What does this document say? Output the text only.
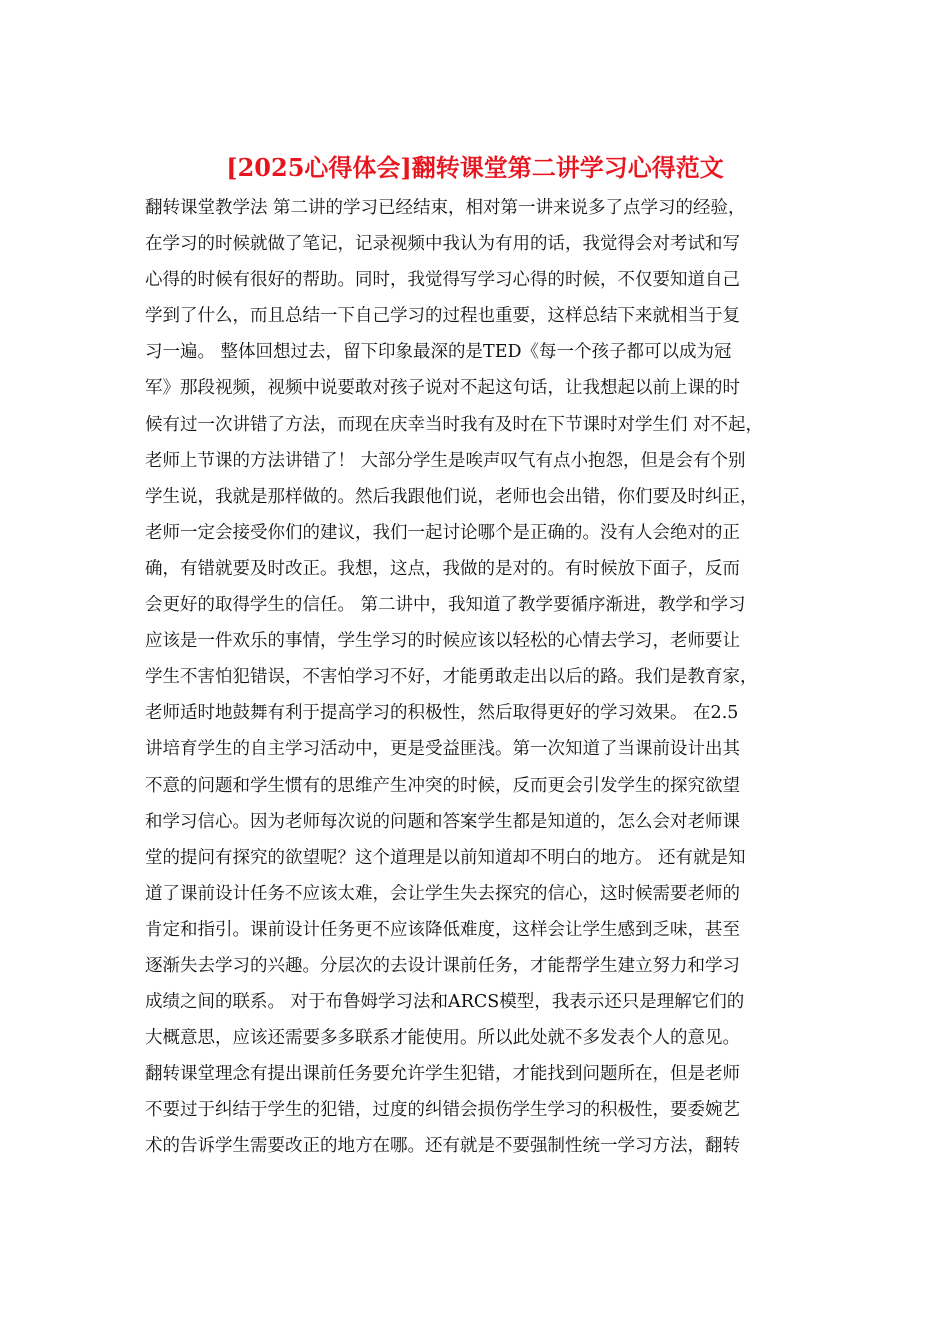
[2025心得体会]翻转课堂第二讲学习心得范文
翻转课堂教学法 第二讲的学习已经结束，相对第一讲来说多了点学习的经验，
在学习的时候就做了笔记，记录视频中我认为有用的话，我觉得会对考试和写
心得的时候有很好的帮助。同时，我觉得写学习心得的时候，不仅要知道自己
学到了什么，而且总结一下自己学习的过程也重要，这样总结下来就相当于复
习一遍。 整体回想过去，留下印象最深的是TED《每一个孩子都可以成为冠
军》那段视频，视频中说要敢对孩子说对不起这句话，让我想起以前上课的时
候有过一次讲错了方法，而现在庆幸当时我有及时在下节课时对学生们 对不起，
老师上节课的方法讲错了！ 大部分学生是唉声叹气有点小抱怨，但是会有个别
学生说，我就是那样做的。然后我跟他们说，老师也会出错，你们要及时纠正，
老师一定会接受你们的建议，我们一起讨论哪个是正确的。没有人会绝对的正
确，有错就要及时改正。我想，这点，我做的是对的。有时候放下面子，反而
会更好的取得学生的信任。 第二讲中，我知道了教学要循序渐进，教学和学习
应该是一件欢乐的事情，学生学习的时候应该以轻松的心情去学习，老师要让
学生不害怕犯错误，不害怕学习不好，才能勇敢走出以后的路。我们是教育家，
老师适时地鼓舞有利于提高学习的积极性，然后取得更好的学习效果。 在2.5
讲培育学生的自主学习活动中，更是受益匪浅。第一次知道了当课前设计出其
不意的问题和学生惯有的思维产生冲突的时候，反而更会引发学生的探究欲望
和学习信心。因为老师每次说的问题和答案学生都是知道的，怎么会对老师课
堂的提问有探究的欲望呢？这个道理是以前知道却不明白的地方。 还有就是知
道了课前设计任务不应该太难，会让学生失去探究的信心，这时候需要老师的
肯定和指引。课前设计任务更不应该降低难度，这样会让学生感到乏味，甚至
逐渐失去学习的兴趣。分层次的去设计课前任务，才能帮学生建立努力和学习
成绩之间的联系。 对于布鲁姆学习法和ARCS模型，我表示还只是理解它们的
大概意思，应该还需要多多联系才能使用。所以此处就不多发表个人的意见。
翻转课堂理念有提出课前任务要允许学生犯错，才能找到问题所在，但是老师
不要过于纠结于学生的犯错，过度的纠错会损伤学生学习的积极性，要委婉艺
术的告诉学生需要改正的地方在哪。还有就是不要强制性统一学习方法，翻转
